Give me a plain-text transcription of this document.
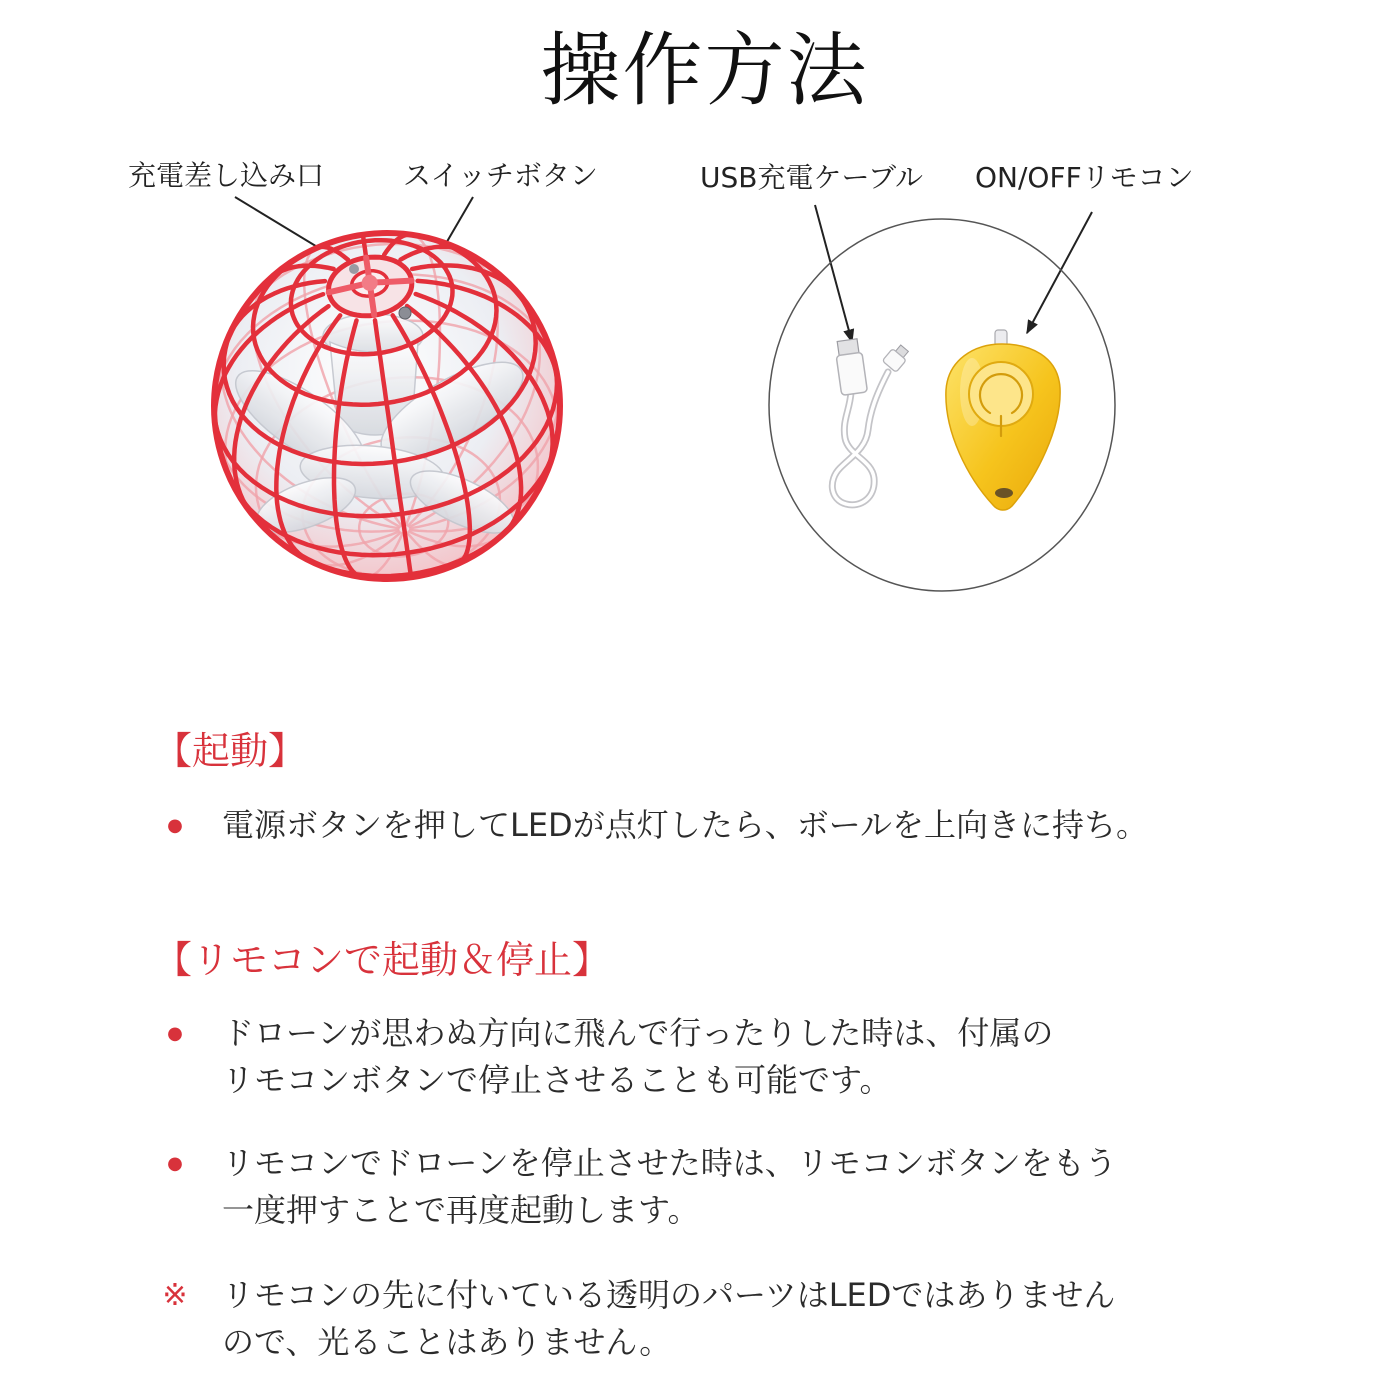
操作方法
充電差し込み口	スイッチボタン	USB充電ケーブル ON/OFFリモコン
【起動】
●	電源ボタンを押してLEDが点灯したら、ボールを上向きに持ち。
【リモコンで起動＆停止】
●	ドローンが思わぬ方向に飛んで行ったりした時は、付属の
リモコンボタンで停止させることも可能です。
●	リモコンでドローンを停止させた時は、リモコンボタンをもう
一度押すことで再度起動します。
※	リモコンの先に付いている透明のパーツはLEDではありません
ので、光ることはありません。
